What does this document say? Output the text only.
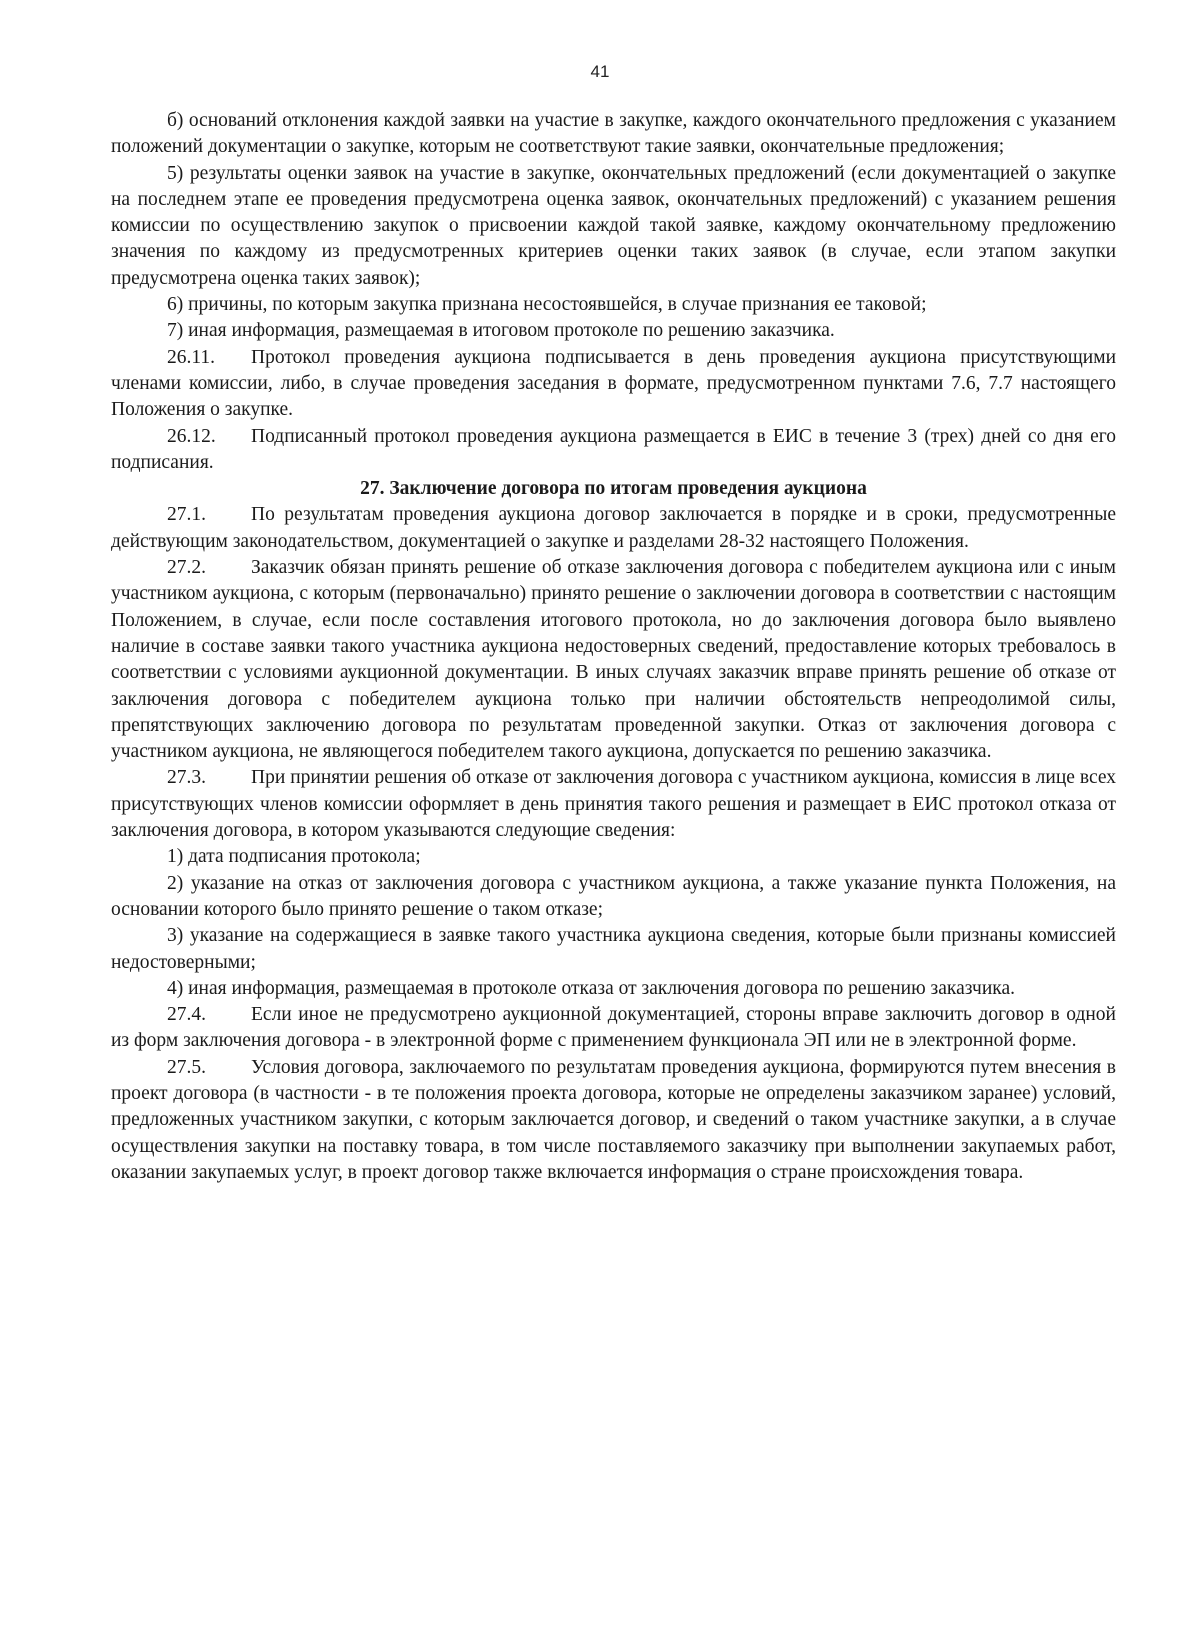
41

б) оснований отклонения каждой заявки на участие в закупке, каждого окончательного предложения с указанием положений документации о закупке, которым не соответствуют такие заявки, окончательные предложения;

5) результаты оценки заявок на участие в закупке, окончательных предложений (если документацией о закупке на последнем этапе ее проведения предусмотрена оценка заявок, окончательных предложений) с указанием решения комиссии по осуществлению закупок о присвоении каждой такой заявке, каждому окончательному предложению значения по каждому из предусмотренных критериев оценки таких заявок (в случае, если этапом закупки предусмотрена оценка таких заявок);

6) причины, по которым закупка признана несостоявшейся, в случае признания ее таковой;

7) иная информация, размещаемая в итоговом протоколе по решению заказчика.

26.11. Протокол проведения аукциона подписывается в день проведения аукциона присутствующими членами комиссии, либо, в случае проведения заседания в формате, предусмотренном пунктами 7.6, 7.7 настоящего Положения о закупке.

26.12. Подписанный протокол проведения аукциона размещается в ЕИС в течение 3 (трех) дней со дня его подписания.

27. Заключение договора по итогам проведения аукциона

27.1. По результатам проведения аукциона договор заключается в порядке и в сроки, предусмотренные действующим законодательством, документацией о закупке и разделами 28-32 настоящего Положения.

27.2. Заказчик обязан принять решение об отказе заключения договора с победителем аукциона или с иным участником аукциона, с которым (первоначально) принято решение о заключении договора в соответствии с настоящим Положением, в случае, если после составления итогового протокола, но до заключения договора было выявлено наличие в составе заявки такого участника аукциона недостоверных сведений, предоставление которых требовалось в соответствии с условиями аукционной документации. В иных случаях заказчик вправе принять решение об отказе от заключения договора с победителем аукциона только при наличии обстоятельств непреодолимой силы, препятствующих заключению договора по результатам проведенной закупки. Отказ от заключения договора с участником аукциона, не являющегося победителем такого аукциона, допускается по решению заказчика.

27.3. При принятии решения об отказе от заключения договора с участником аукциона, комиссия в лице всех присутствующих членов комиссии оформляет в день принятия такого решения и размещает в ЕИС протокол отказа от заключения договора, в котором указываются следующие сведения:

1) дата подписания протокола;

2) указание на отказ от заключения договора с участником аукциона, а также указание пункта Положения, на основании которого было принято решение о таком отказе;

3) указание на содержащиеся в заявке такого участника аукциона сведения, которые были признаны комиссией недостоверными;

4) иная информация, размещаемая в протоколе отказа от заключения договора по решению заказчика.

27.4. Если иное не предусмотрено аукционной документацией, стороны вправе заключить договор в одной из форм заключения договора - в электронной форме с применением функционала ЭП или не в электронной форме.

27.5. Условия договора, заключаемого по результатам проведения аукциона, формируются путем внесения в проект договора (в частности - в те положения проекта договора, которые не определены заказчиком заранее) условий, предложенных участником закупки, с которым заключается договор, и сведений о таком участнике закупки, а в случае осуществления закупки на поставку товара, в том числе поставляемого заказчику при выполнении закупаемых работ, оказании закупаемых услуг, в проект договор также включается информация о стране происхождения товара.
